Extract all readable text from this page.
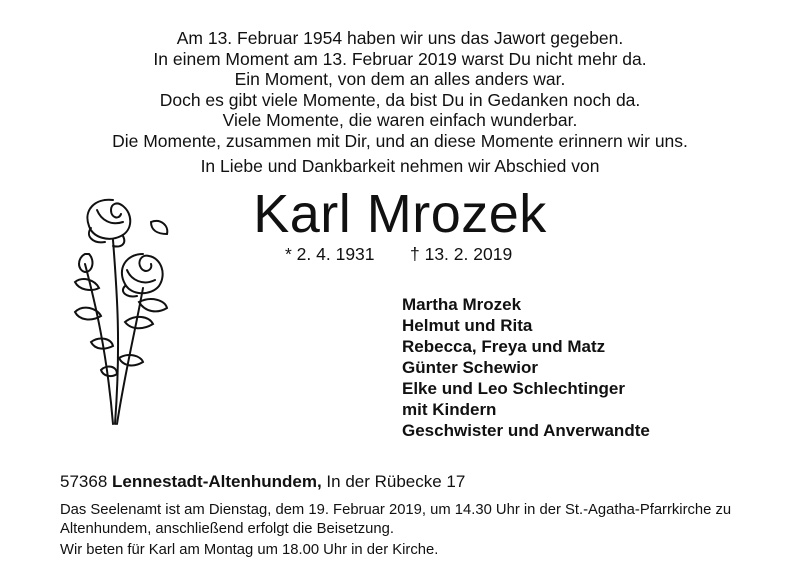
Am 13. Februar 1954 haben wir uns das Jawort gegeben.
In einem Moment am 13. Februar 2019 warst Du nicht mehr da.
Ein Moment, von dem an alles anders war.
Doch es gibt viele Momente, da bist Du in Gedanken noch da.
Viele Momente, die waren einfach wunderbar.
Die Momente, zusammen mit Dir, und an diese Momente erinnern wir uns.
In Liebe und Dankbarkeit nehmen wir Abschied von
Karl Mrozek
* 2. 4. 1931 † 13. 2. 2019
Martha Mrozek
Helmut und Rita
Rebecca, Freya und Matz
Günter Schewior
Elke und Leo Schlechtinger
mit Kindern
Geschwister und Anverwandte
57368 Lennestadt-Altenhundem, In der Rübecke 17
Das Seelenamt ist am Dienstag, dem 19. Februar 2019, um 14.30 Uhr in der St.-Agatha-Pfarrkirche zu Altenhundem, anschließend erfolgt die Beisetzung.
Wir beten für Karl am Montag um 18.00 Uhr in der Kirche.
